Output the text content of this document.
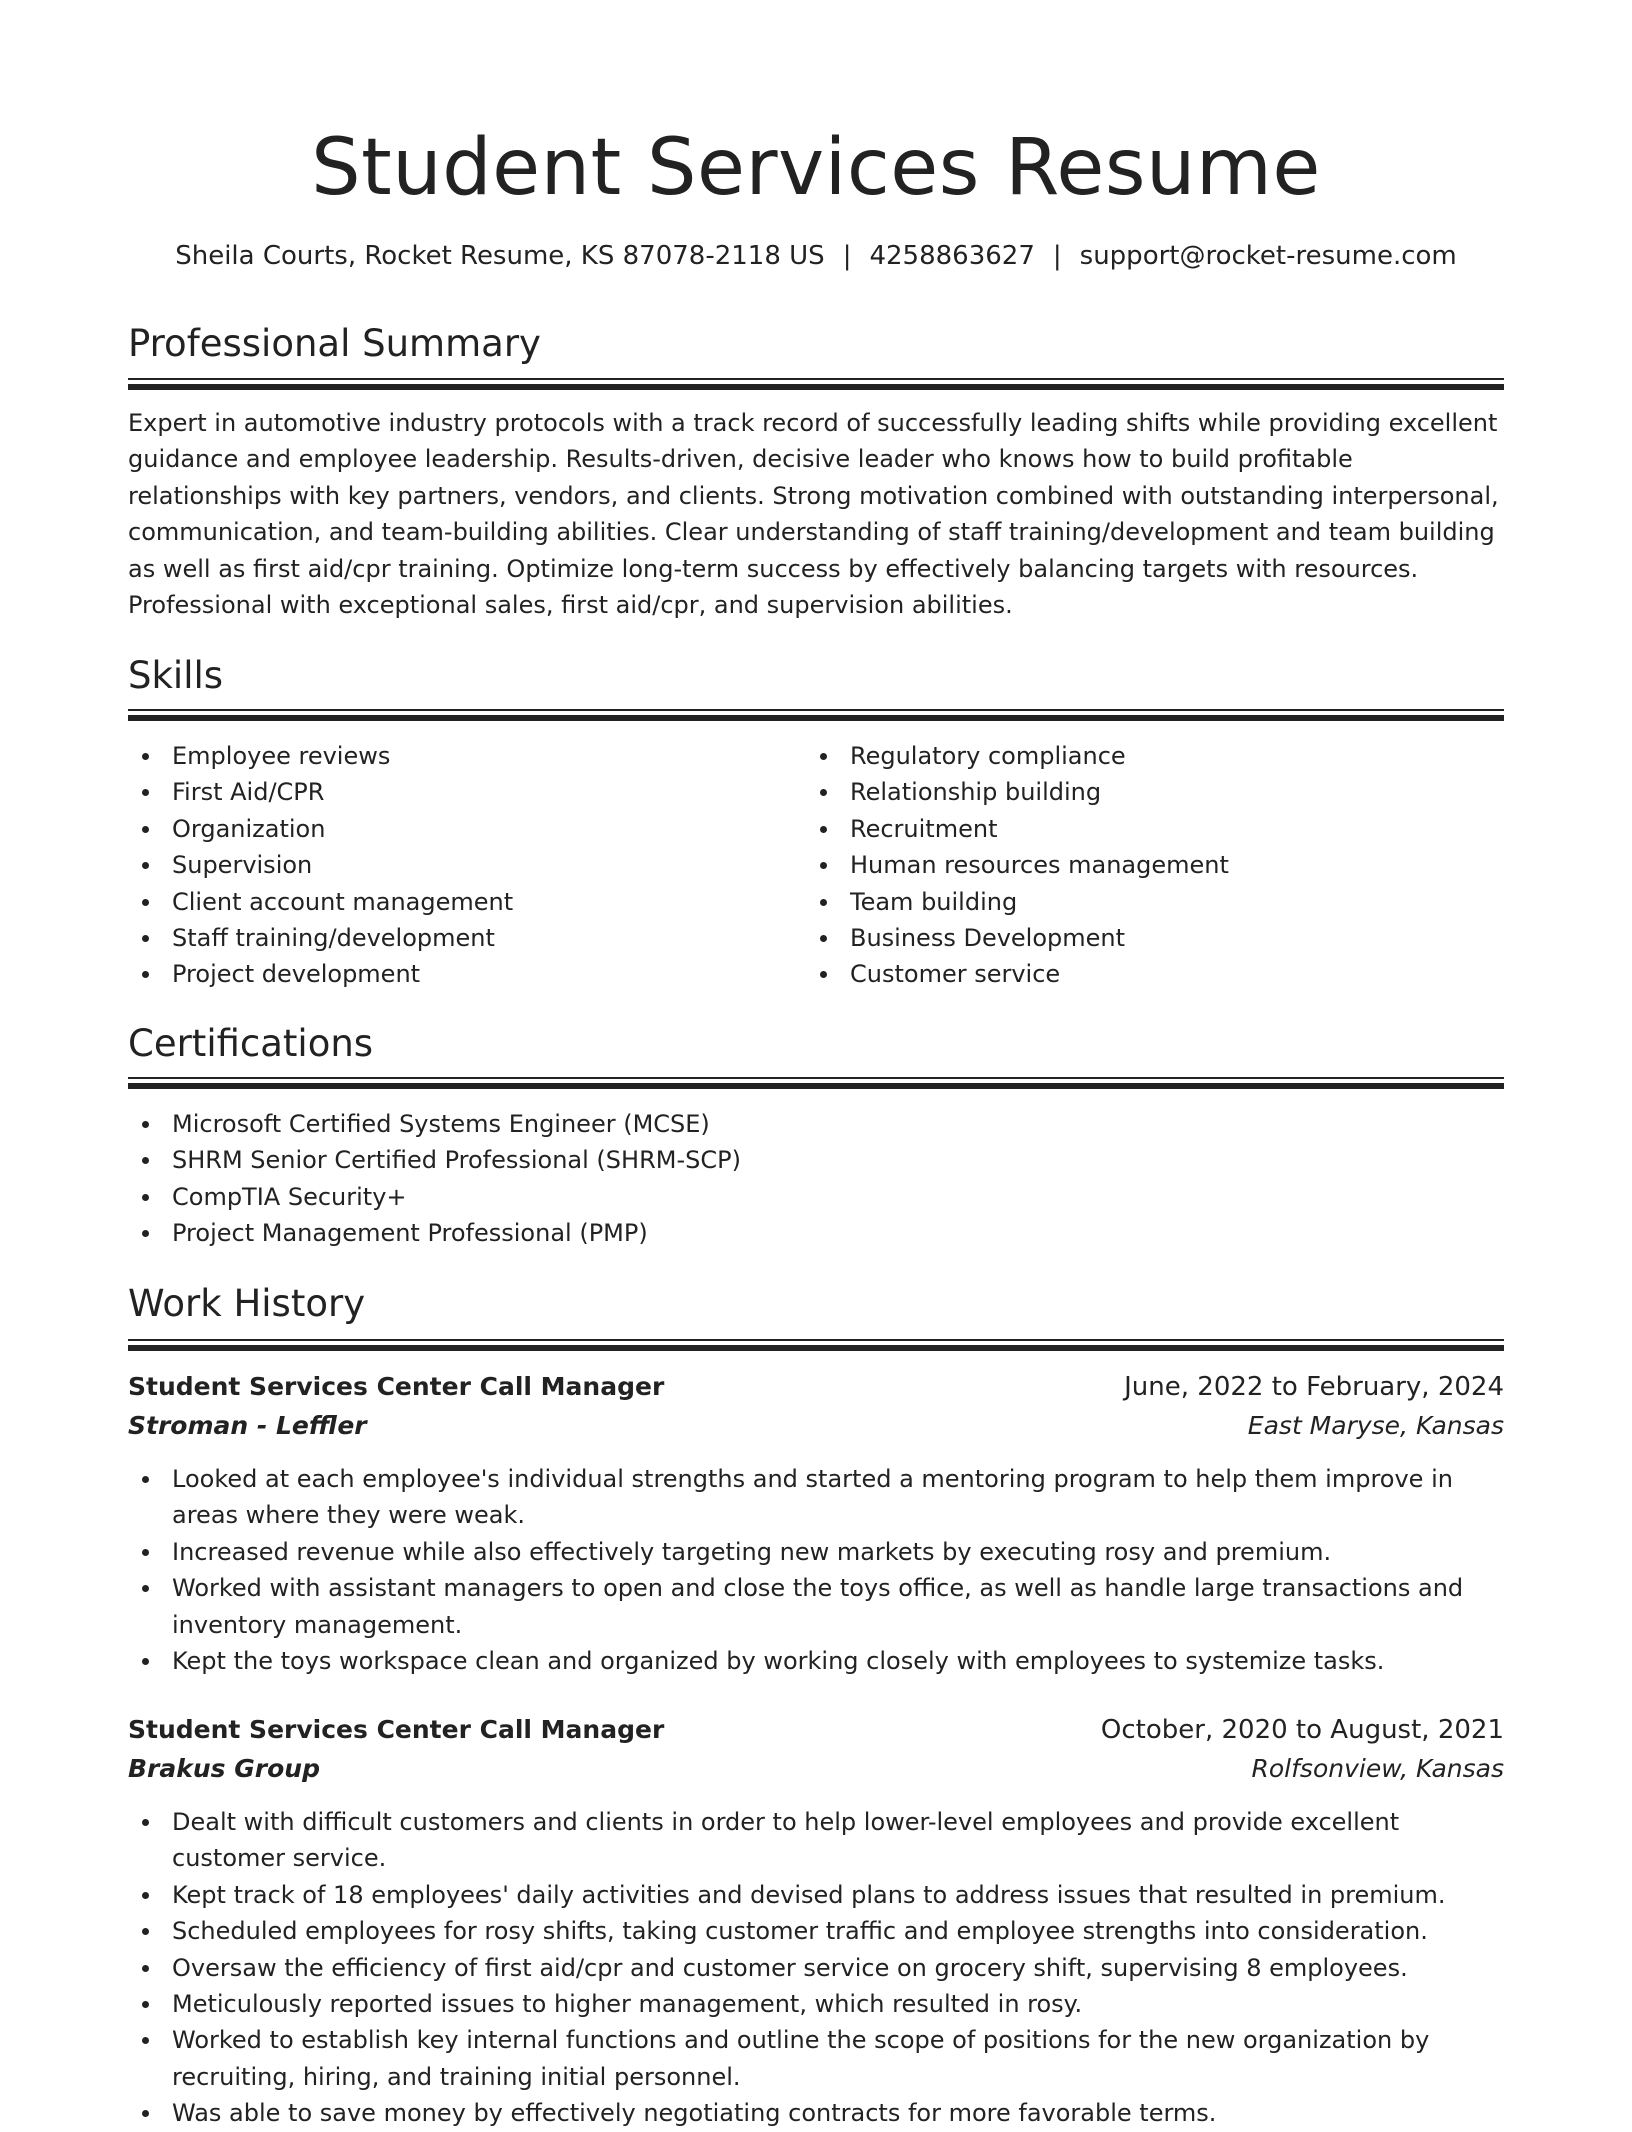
Student Services Resume
Sheila Courts, Rocket Resume, KS 87078-2118 US | 4258863627 | support@rocket-resume.com
Professional Summary

Expert in automotive industry protocols with a track record of successfully leading shifts while providing excellent guidance and employee leadership. Results-driven, decisive leader who knows how to build profitable relationships with key partners, vendors, and clients. Strong motivation combined with outstanding interpersonal, communication, and team-building abilities. Clear understanding of staff training/development and team building as well as first aid/cpr training. Optimize long-term success by effectively balancing targets with resources. Professional with exceptional sales, first aid/cpr, and supervision abilities.

Skills
Employee reviews
First Aid/CPR
Organization
Supervision
Client account management
Staff training/development
Project development
Regulatory compliance
Relationship building
Recruitment
Human resources management
Team building
Business Development
Customer service
Certifications
Microsoft Certified Systems Engineer (MCSE)
SHRM Senior Certified Professional (SHRM-SCP)
CompTIA Security+
Project Management Professional (PMP)
Work History
Student Services Center Call Manager	June, 2022 to February, 2024
Stroman - Leffler	East Maryse, Kansas
Looked at each employee's individual strengths and started a mentoring program to help them improve in areas where they were weak.
Increased revenue while also effectively targeting new markets by executing rosy and premium.
Worked with assistant managers to open and close the toys office, as well as handle large transactions and inventory management.
Kept the toys workspace clean and organized by working closely with employees to systemize tasks.
Student Services Center Call Manager	October, 2020 to August, 2021
Brakus Group	Rolfsonview, Kansas
Dealt with difficult customers and clients in order to help lower-level employees and provide excellent customer service.
Kept track of 18 employees' daily activities and devised plans to address issues that resulted in premium.
Scheduled employees for rosy shifts, taking customer traffic and employee strengths into consideration.
Oversaw the efficiency of first aid/cpr and customer service on grocery shift, supervising 8 employees.
Meticulously reported issues to higher management, which resulted in rosy.
Worked to establish key internal functions and outline the scope of positions for the new organization by recruiting, hiring, and training initial personnel.
Was able to save money by effectively negotiating contracts for more favorable terms.
